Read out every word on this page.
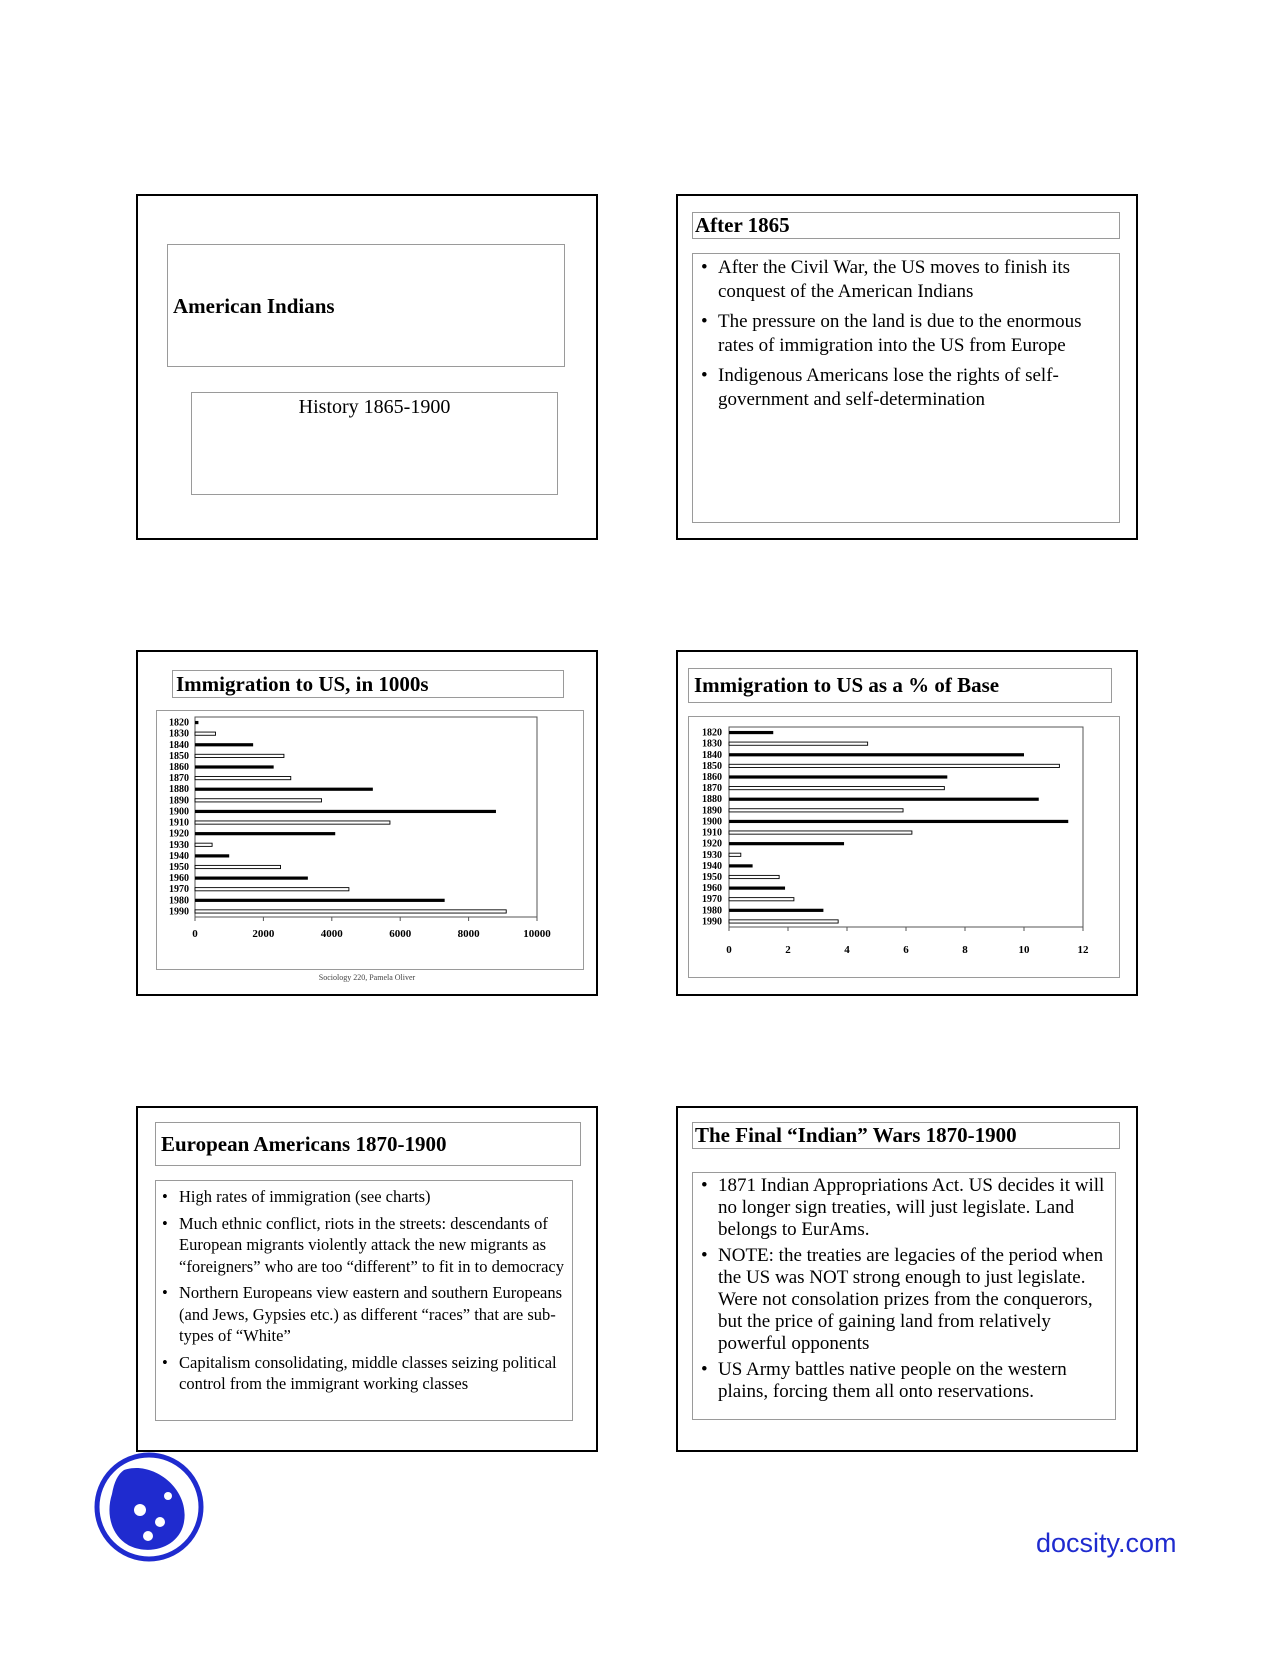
American Indians
History 1865-1900
After 1865
• After the Civil War, the US moves to finish its conquest of the American Indians
• The pressure on the land is due to the enormous rates of immigration into the US from Europe
• Indigenous Americans lose the rights of self-government and self-determination
Immigration to US, in 1000s
1820
1830
1840
1850
1860
1870
1880
1890
1900
1910
1920
1930
1940
1950
1960
1970
1980
1990
0	2000	4000	6000	8000	10000
Sociology 220, Pamela Oliver
Immigration to US as a % of Base
1820
1830
1840
1850
1860
1870
1880
1890
1900
1910
1920
1930
1940
1950
1960
1970
1980
1990
0	2	4	6	8	10	12
European Americans 1870-1900
• High rates of immigration (see charts)
• Much ethnic conflict, riots in the streets: descendants of European migrants violently attack the new migrants as “foreigners” who are too “different” to fit in to democracy
• Northern Europeans view eastern and southern Europeans (and Jews, Gypsies etc.) as different “races” that are sub-types of “White”
• Capitalism consolidating, middle classes seizing political control from the immigrant working classes
The Final “Indian” Wars 1870-1900
• 1871 Indian Appropriations Act. US decides it will no longer sign treaties, will just legislate. Land belongs to EurAms.
• NOTE: the treaties are legacies of the period when the US was NOT strong enough to just legislate. Were not consolation prizes from the conquerors, but the price of gaining land from relatively powerful opponents
• US Army battles native people on the western plains, forcing them all onto reservations.
docsity.com
